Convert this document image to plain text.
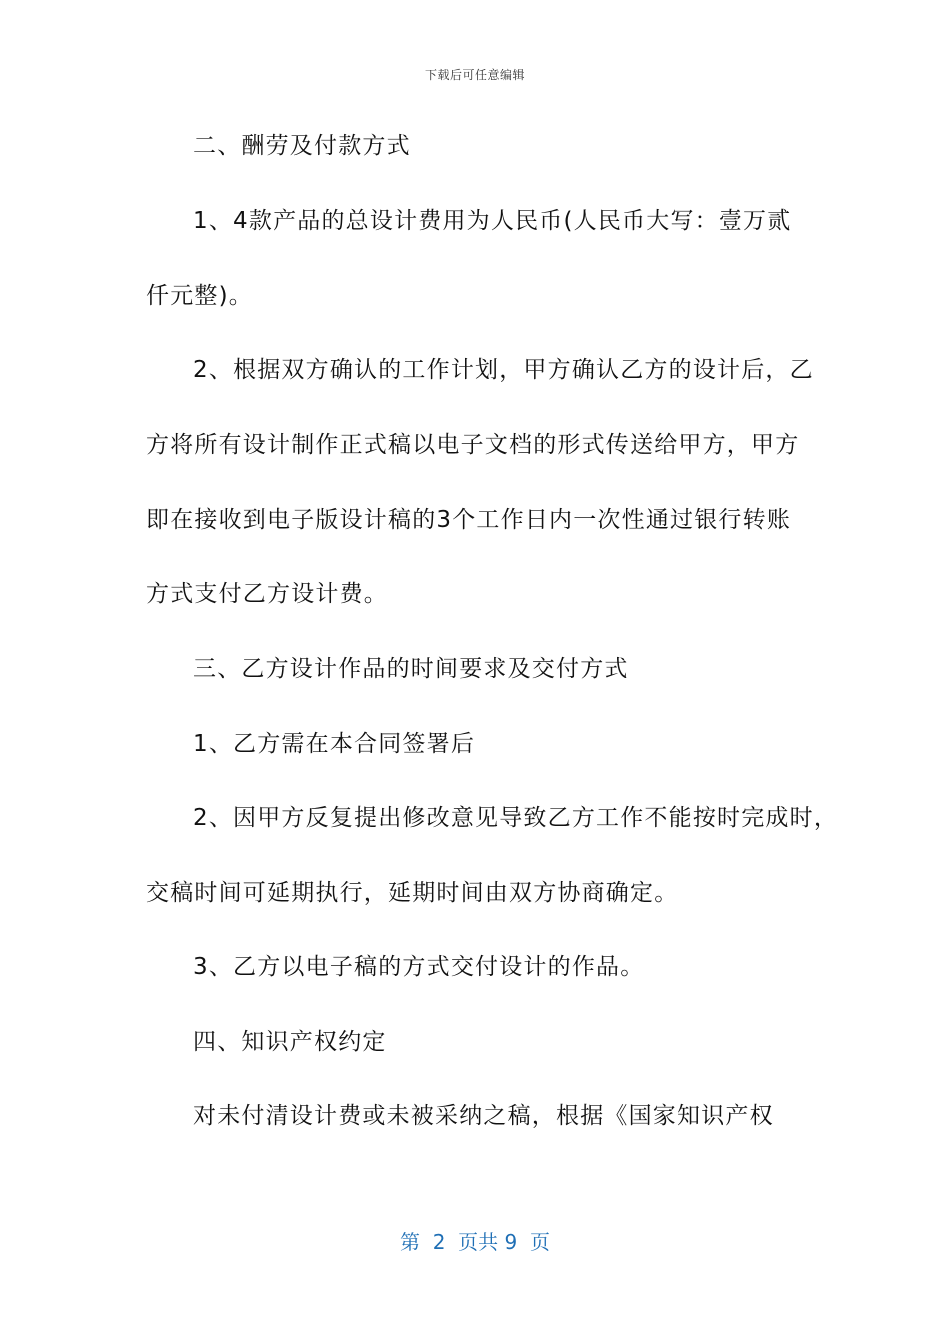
下载后可任意编辑
二、酬劳及付款方式
1、4款产品的总设计费用为人民币(人民币大写：壹万贰
仟元整)。
2、根据双方确认的工作计划，甲方确认乙方的设计后，乙
方将所有设计制作正式稿以电子文档的形式传送给甲方，甲方
即在接收到电子版设计稿的3个工作日内一次性通过银行转账
方式支付乙方设计费。
三、乙方设计作品的时间要求及交付方式
1、乙方需在本合同签署后
2、因甲方反复提出修改意见导致乙方工作不能按时完成时，
交稿时间可延期执行，延期时间由双方协商确定。
3、乙方以电子稿的方式交付设计的作品。
四、知识产权约定
对未付清设计费或未被采纳之稿，根据《国家知识产权
第  2  页共 9  页
